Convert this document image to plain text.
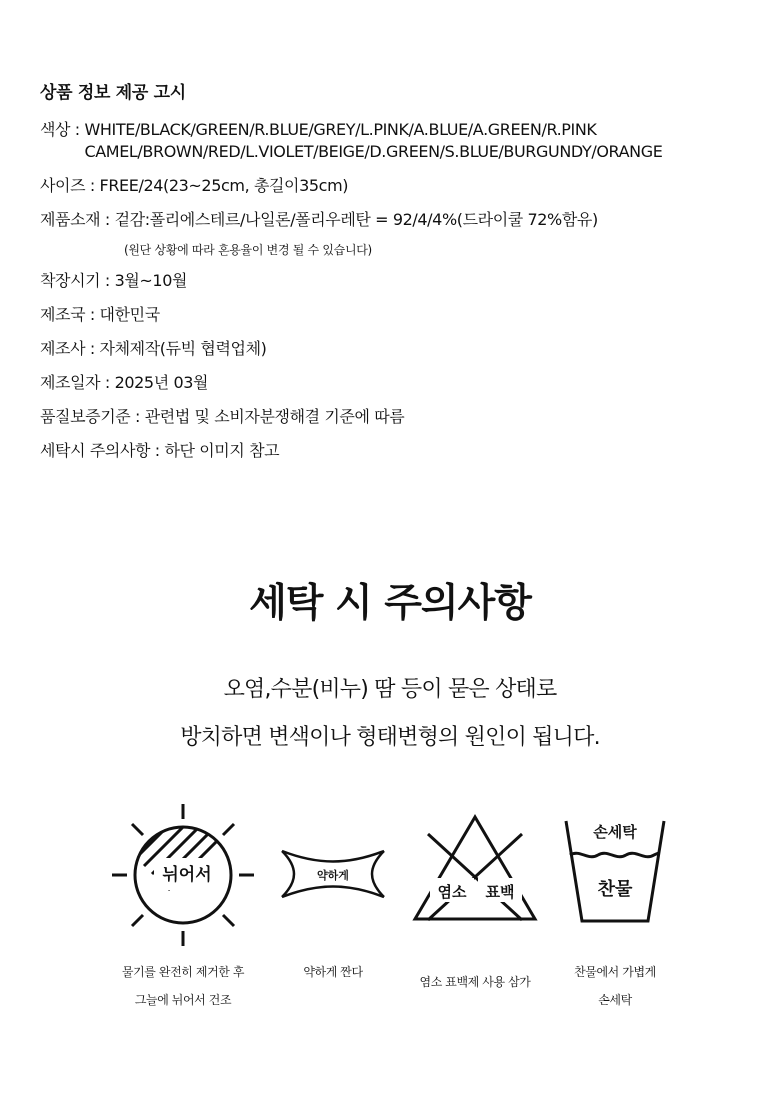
상품 정보 제공 고시
색상 : WHITE/BLACK/GREEN/R.BLUE/GREY/L.PINK/A.BLUE/A.GREEN/R.PINK
CAMEL/BROWN/RED/L.VIOLET/BEIGE/D.GREEN/S.BLUE/BURGUNDY/ORANGE
사이즈 : FREE/24(23~25cm, 총길이35cm)
제품소재 : 겉감:폴리에스테르/나일론/폴리우레탄 = 92/4/4%(드라이쿨 72%함유)
(원단 상황에 따라 혼용율이 변경 될 수 있습니다)
착장시기 : 3월~10월
제조국 : 대한민국
제조사 : 자체제작(듀빅 협력업체)
제조일자 : 2025년 03월
품질보증기준 : 관련법 및 소비자분쟁해결 기준에 따름
세탁시 주의사항 : 하단 이미지 참고
세탁 시 주의사항
오염,수분(비누) 땀 등이 묻은 상태로
방치하면 변색이나 형태변형의 원인이 됩니다.
뉘어서	약하게
염소 표백
손세탁
찬물
물기를 완전히 제거한 후
그늘에 뉘어서 건조
약하게 짠다
염소 표백제 사용 삼가
찬물에서 가볍게
손세탁
